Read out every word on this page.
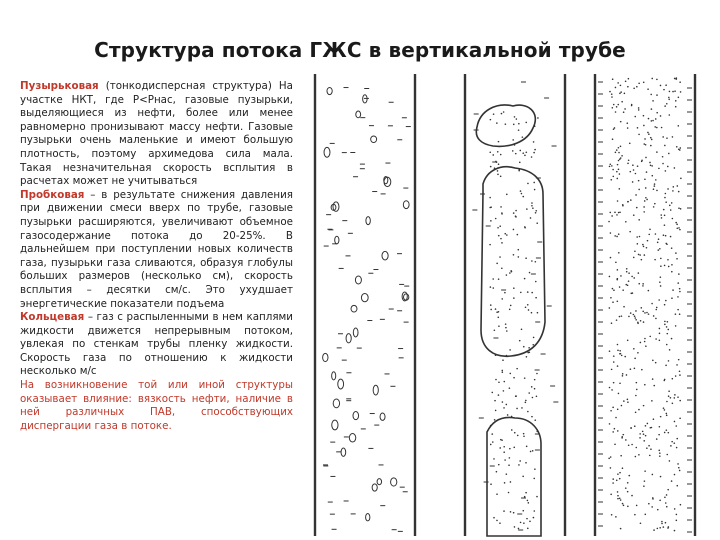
Структура потока ГЖС в вертикальной трубе

Пузырьковая (тонкодисперсная структура) На участке НКТ, где P<Pнас, газовые пузырьки, выделяющиеся из нефти, более или менее равномерно пронизывают массу нефти. Газовые пузырьки очень маленькие и имеют большую плотность, поэтому архимедова сила мала. Такая незначительная скорость всплытия в расчетах может не учитываться

Пробковая – в результате снижения давления при движении смеси вверх по трубе, газовые пузырьки расширяются, увеличивают объемное газосодержание потока до 20-25%. В дальнейшем при поступлении новых количеств газа, пузырьки газа сливаются, образуя глобулы больших размеров (несколько см), скорость всплытия – десятки см/с. Это ухудшает энергетические показатели подъема

Кольцевая – газ с распыленными в нем каплями жидкости движется непрерывным потоком, увлекая по стенкам трубы пленку жидкости. Скорость газа по отношению к жидкости несколько м/с

На возникновение той или иной структуры оказывает влияние: вязкость нефти, наличие в ней различных ПАВ, способствующих диспергации газа в потоке.
